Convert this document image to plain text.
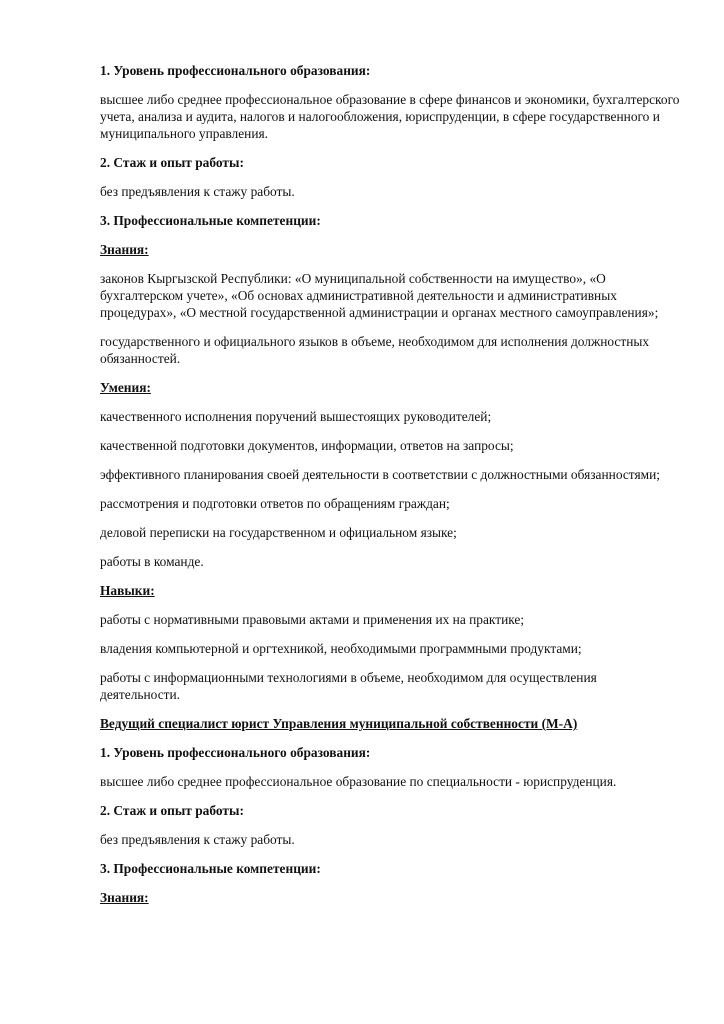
1. Уровень профессионального образования:

высшее либо среднее профессиональное образование в сфере финансов и экономики, бухгалтерского учета, анализа и аудита, налогов и налогообложения, юриспруденции, в сфере государственного и муниципального управления.

2. Стаж и опыт работы:

без предъявления к стажу работы.

3. Профессиональные компетенции:

Знания:

законов Кыргызской Республики: «О муниципальной собственности на имущество», «О бухгалтерском учете», «Об основах административной деятельности и административных процедурах», «О местной государственной администрации и органах местного самоуправления»;

государственного и официального языков в объеме, необходимом для исполнения должностных обязанностей.

Умения:

качественного исполнения поручений вышестоящих руководителей;

качественной подготовки документов, информации, ответов на запросы;

эффективного планирования своей деятельности в соответствии с должностными обязанностями;

рассмотрения и подготовки ответов по обращениям граждан;

деловой переписки на государственном и официальном языке;

работы в команде.

Навыки:

работы с нормативными правовыми актами и применения их на практике;

владения компьютерной и оргтехникой, необходимыми программными продуктами;

работы с информационными технологиями в объеме, необходимом для осуществления деятельности.

Ведущий специалист юрист Управления муниципальной собственности (М-А)

1. Уровень профессионального образования:

высшее либо среднее профессиональное образование по специальности - юриспруденция.

2. Стаж и опыт работы:

без предъявления к стажу работы.

3. Профессиональные компетенции:

Знания:
